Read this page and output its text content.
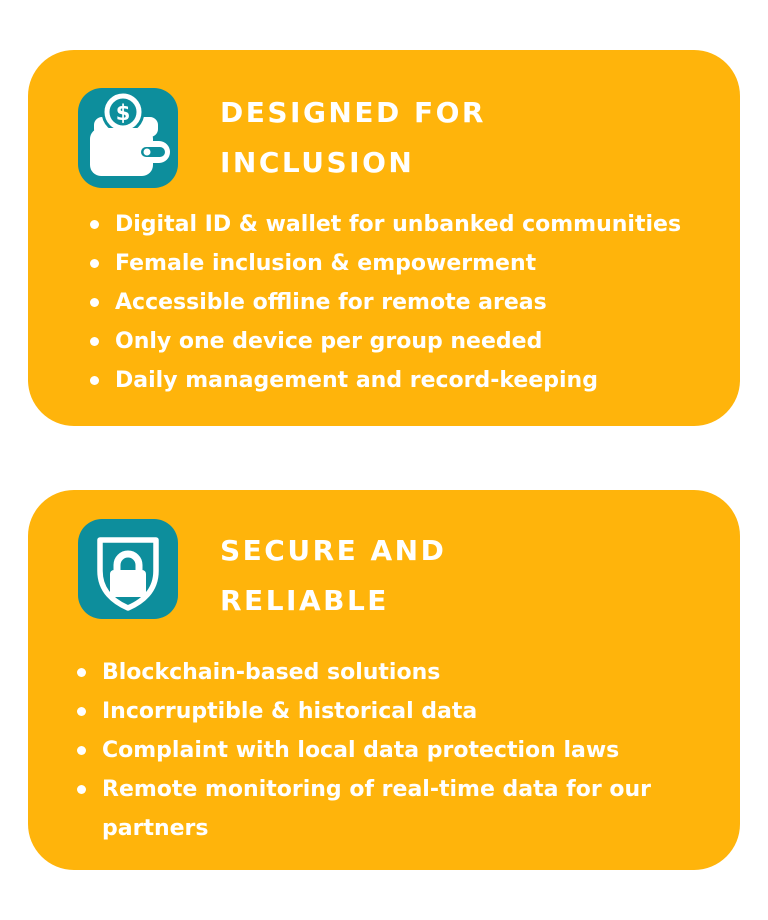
$	DESIGNED FOR
INCLUSION
Digital ID & wallet for unbanked communities
Female inclusion & empowerment
Accessible offline for remote areas
Only one device per group needed
Daily management and record-keeping
SECURE AND
RELIABLE
Blockchain-based solutions
Incorruptible & historical data
Complaint with local data protection laws
Remote monitoring of real-time data for our partners
